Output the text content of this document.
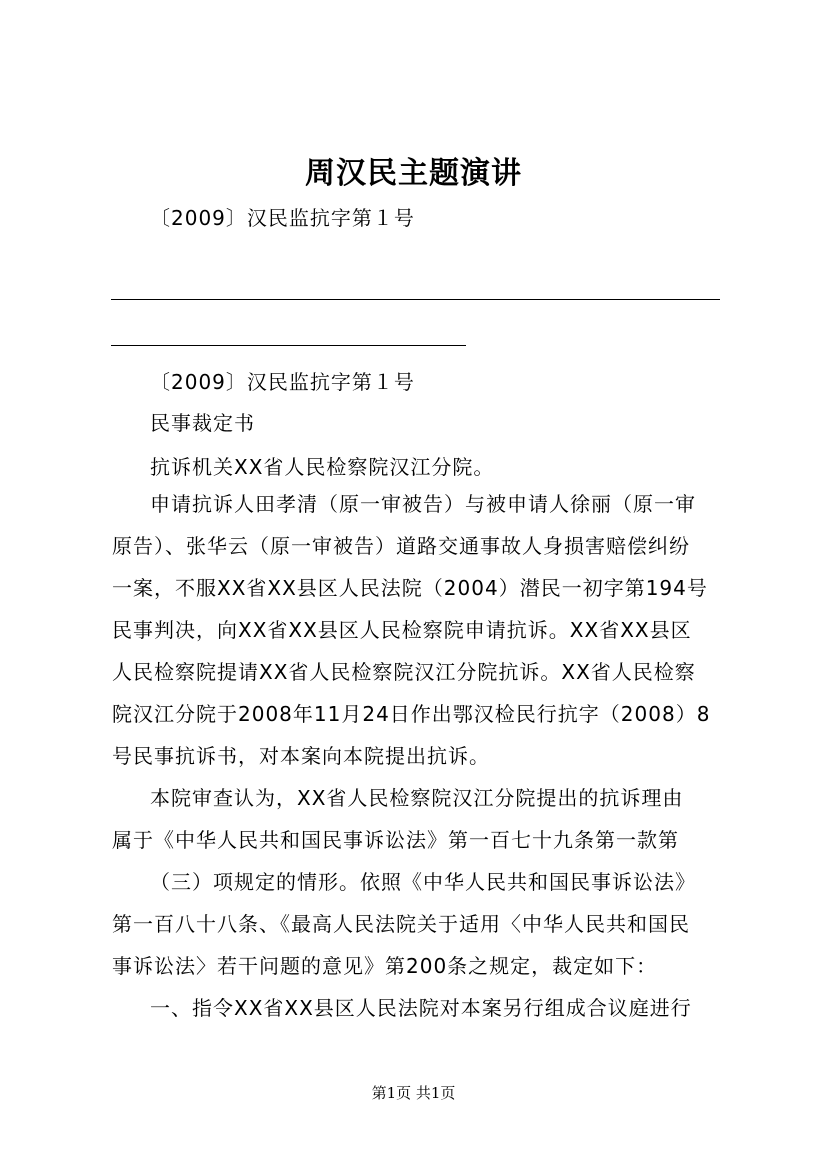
周汉民主题演讲
〔2009〕汉民监抗字第１号
〔2009〕汉民监抗字第１号
民事裁定书
抗诉机关XX省人民检察院汉江分院。
申请抗诉人田孝清（原一审被告）与被申请人徐丽（原一审
原告）、张华云（原一审被告）道路交通事故人身损害赔偿纠纷
一案，不服XX省XX县区人民法院（2004）潜民一初字第194号
民事判决，向XX省XX县区人民检察院申请抗诉。XX省XX县区
人民检察院提请XX省人民检察院汉江分院抗诉。XX省人民检察
院汉江分院于2008年11月24日作出鄂汉检民行抗字（2008）8
号民事抗诉书，对本案向本院提出抗诉。
本院审查认为，XX省人民检察院汉江分院提出的抗诉理由
属于《中华人民共和国民事诉讼法》第一百七十九条第一款第
（三）项规定的情形。依照《中华人民共和国民事诉讼法》
第一百八十八条、《最高人民法院关于适用〈中华人民共和国民
事诉讼法〉若干问题的意见》第200条之规定，裁定如下：
一、指令XX省XX县区人民法院对本案另行组成合议庭进行
第1页 共1页
